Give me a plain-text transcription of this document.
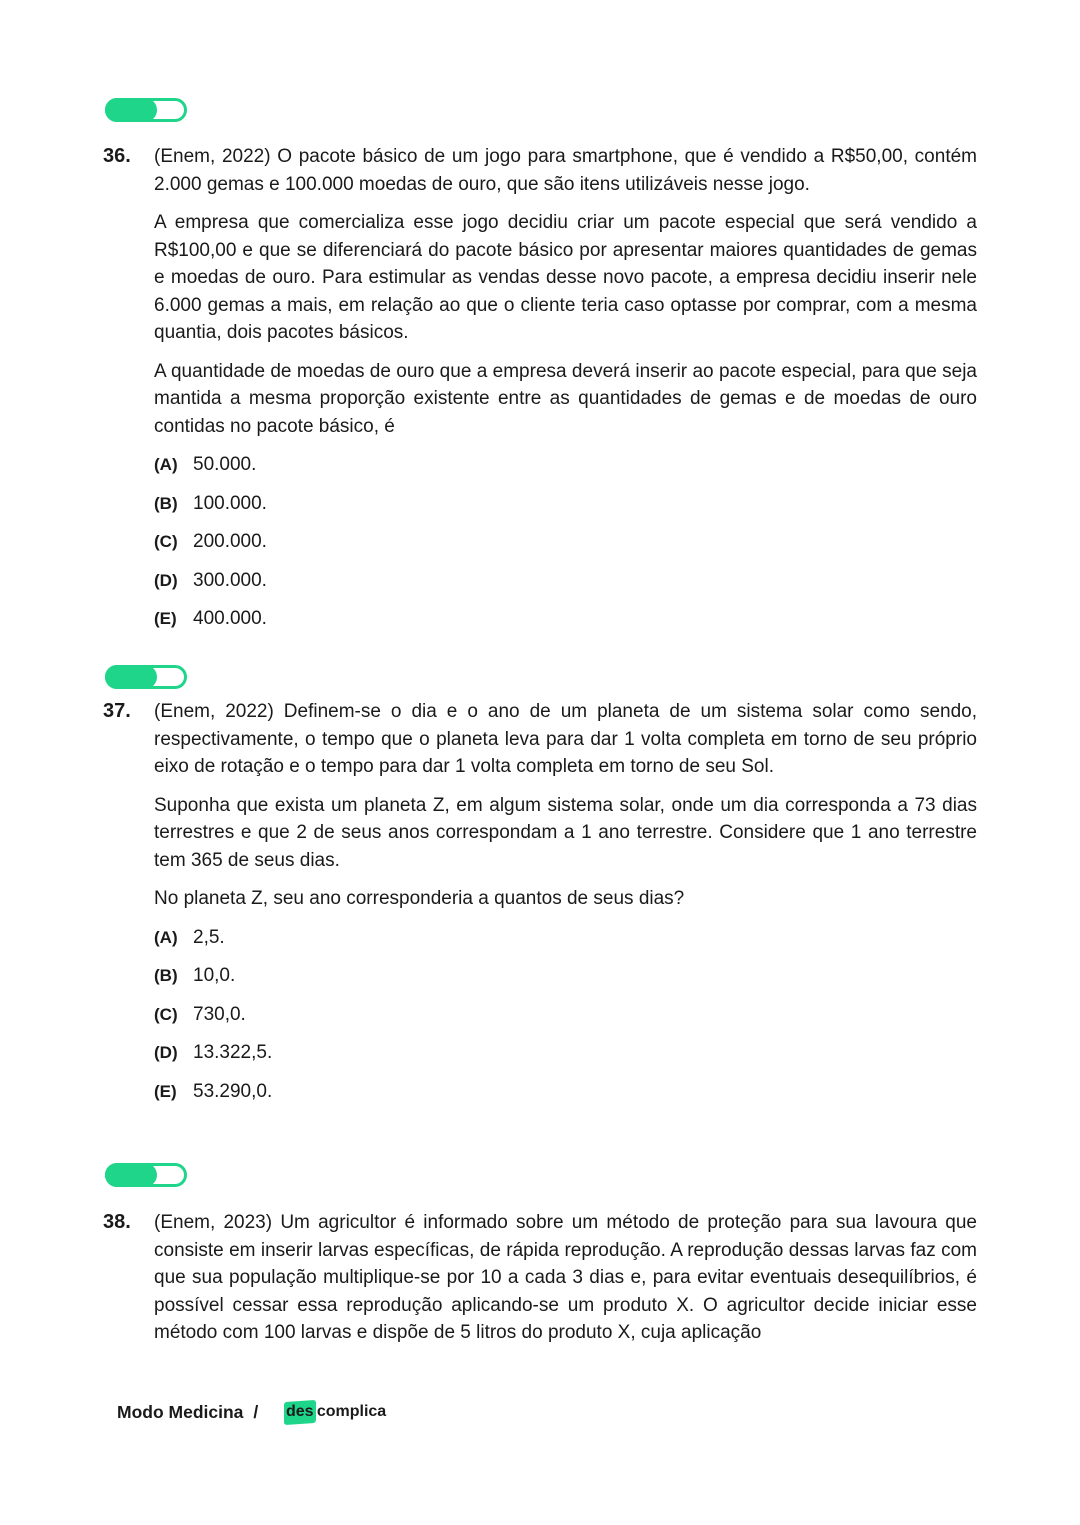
36. (Enem, 2022) O pacote básico de um jogo para smartphone, que é vendido a R$50,00, contém 2.000 gemas e 100.000 moedas de ouro, que são itens utilizáveis nesse jogo.

A empresa que comercializa esse jogo decidiu criar um pacote especial que será vendido a R$100,00 e que se diferenciará do pacote básico por apresentar maiores quantidades de gemas e moedas de ouro. Para estimular as vendas desse novo pacote, a empresa decidiu inserir nele 6.000 gemas a mais, em relação ao que o cliente teria caso optasse por comprar, com a mesma quantia, dois pacotes básicos.

A quantidade de moedas de ouro que a empresa deverá inserir ao pacote especial, para que seja mantida a mesma proporção existente entre as quantidades de gemas e de moedas de ouro contidas no pacote básico, é

(A) 50.000.
(B) 100.000.
(C) 200.000.
(D) 300.000.
(E) 400.000.
37. (Enem, 2022) Definem-se o dia e o ano de um planeta de um sistema solar como sendo, respectivamente, o tempo que o planeta leva para dar 1 volta completa em torno de seu próprio eixo de rotação e o tempo para dar 1 volta completa em torno de seu Sol.

Suponha que exista um planeta Z, em algum sistema solar, onde um dia corresponda a 73 dias terrestres e que 2 de seus anos correspondam a 1 ano terrestre. Considere que 1 ano terrestre tem 365 de seus dias.

No planeta Z, seu ano corresponderia a quantos de seus dias?

(A) 2,5.
(B) 10,0.
(C) 730,0.
(D) 13.322,5.
(E) 53.290,0.
38. (Enem, 2023) Um agricultor é informado sobre um método de proteção para sua lavoura que consiste em inserir larvas específicas, de rápida reprodução. A reprodução dessas larvas faz com que sua população multiplique-se por 10 a cada 3 dias e, para evitar eventuais desequilíbrios, é possível cessar essa reprodução aplicando-se um produto X. O agricultor decide iniciar esse método com 100 larvas e dispõe de 5 litros do produto X, cuja aplicação

Modo Medicina / des complica
